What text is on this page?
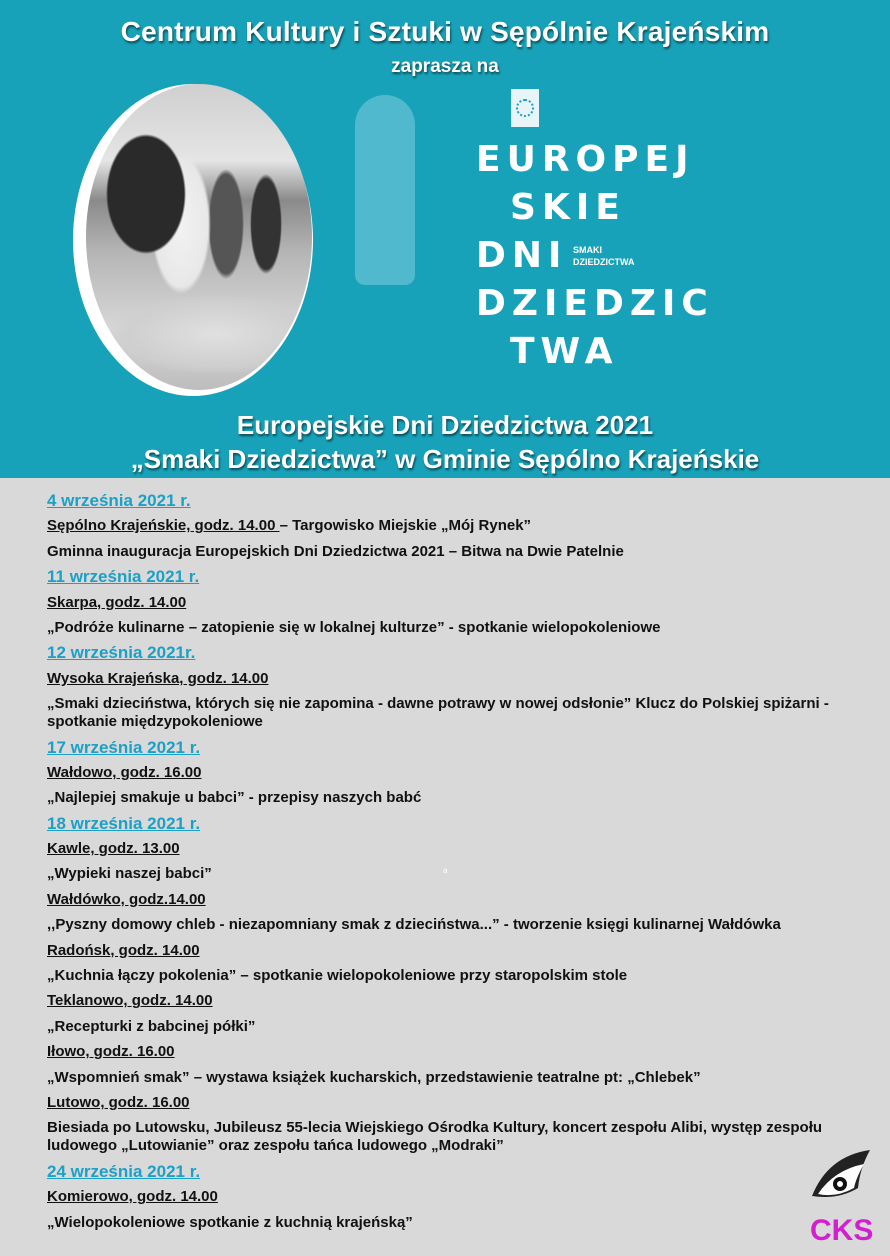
Centrum Kultury i Sztuki w Sępólnie Krajeńskim
zaprasza na
EUROPEJ
SKIE
DNI
DZIEDZIC
TWA
SMAKI
DZIEDZICTWA
Europejskie Dni Dziedzictwa 2021
„Smaki Dziedzictwa” w Gminie Sępólno Krajeńskie
4 września 2021 r.
Sępólno Krajeńskie, godz. 14.00 – Targowisko Miejskie „Mój Rynek”
Gminna inauguracja Europejskich Dni Dziedzictwa 2021 – Bitwa na Dwie Patelnie
11 września 2021 r.
Skarpa, godz. 14.00
„Podróże kulinarne – zatopienie się w lokalnej kulturze” - spotkanie wielopokoleniowe
12 września 2021r.
Wysoka Krajeńska, godz. 14.00
„Smaki dzieciństwa, których się nie zapomina - dawne potrawy w nowej odsłonie” Klucz do Polskiej spiżarni - spotkanie międzypokoleniowe
17 września 2021 r.
Wałdowo, godz. 16.00
„Najlepiej smakuje u babci” - przepisy naszych babć
18 września 2021 r.
Kawle, godz. 13.00
„Wypieki naszej babci”
Wałdówko, godz.14.00
,,Pyszny domowy chleb - niezapomniany smak z dzieciństwa...” - tworzenie księgi kulinarnej Wałdówka
Radońsk, godz. 14.00
„Kuchnia łączy pokolenia” – spotkanie wielopokoleniowe przy staropolskim stole
Teklanowo, godz. 14.00
„Recepturki z babcinej półki”
Iłowo, godz. 16.00
„Wspomnień smak” – wystawa książek kucharskich, przedstawienie teatralne pt: „Chlebek”
Lutowo, godz. 16.00
Biesiada po Lutowsku, Jubileusz 55-lecia Wiejskiego Ośrodka Kultury, koncert zespołu Alibi, występ zespołu ludowego „Lutowianie” oraz zespołu tańca ludowego „Modraki”
24 września 2021 r.
Komierowo, godz. 14.00
„Wielopokoleniowe spotkanie z kuchnią krajeńską”
a
CKS
